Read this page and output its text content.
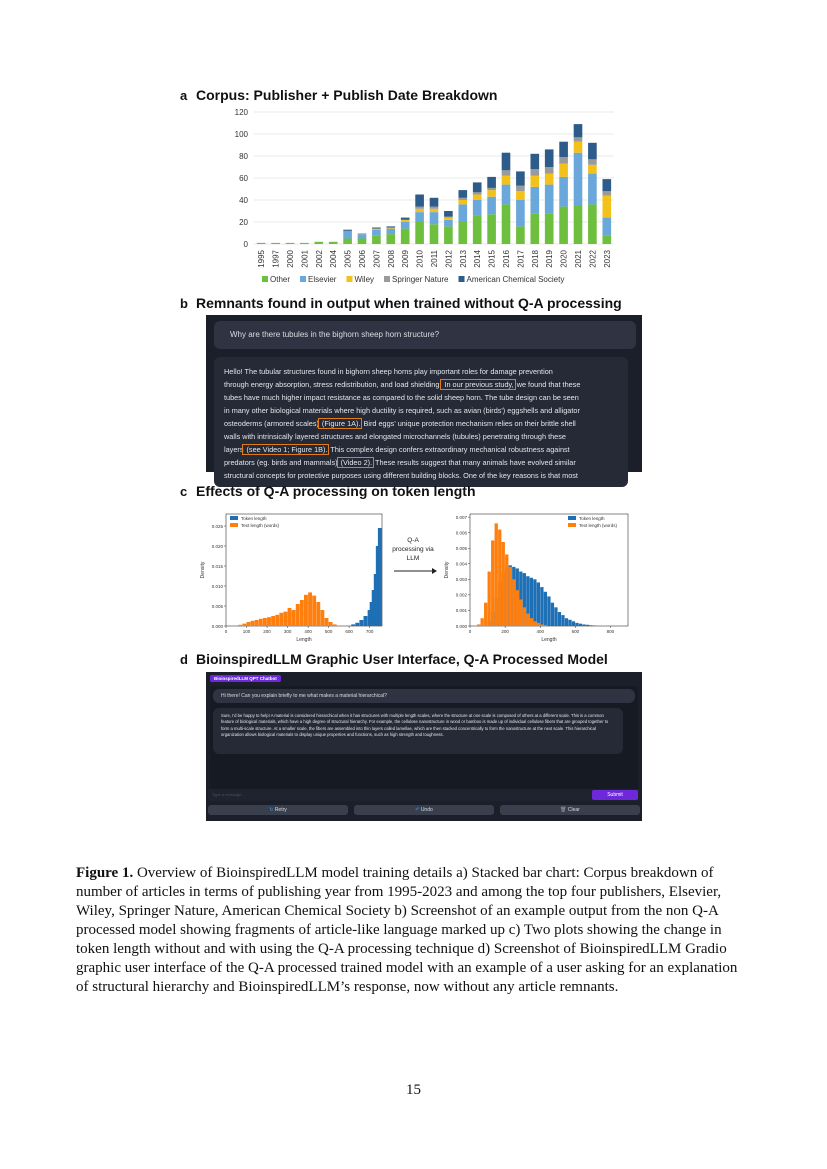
a Corpus: Publisher + Publish Date Breakdown
0
20
40
60
80
100
120
1995 1997 2000 2001 2002 2004 2005 2006 2007 2008 2009 2010 2011 2012 2013 2014 2015 2016 2017 2018 2019 2020 2021 2022 2023
Other Elsevier Wiley Springer Nature American Chemical Society
b Remnants found in output when trained without Q-A processing
Why are there tubules in the bighorn sheep horn structure?
Hello! The tubular structures found in bighorn sheep horns play important roles for damage prevention
through energy absorption, stress redistribution, and load shielding. In our previous study, we found that these
tubes have much higher impact resistance as compared to the solid sheep horn. The tube design can be seen
in many other biological materials where high ductility is required, such as avian (birds') eggshells and alligator
osteoderms (armored scales) (Figure 1A). Bird eggs' unique protection mechanism relies on their brittle shell
walls with intrinsically layered structures and elongated microchannels (tubules) penetrating through these
layers (see Video 1; Figure 1B). This complex design confers extraordinary mechanical robustness against
predators (eg. birds and mammals) (Video 2). These results suggest that many animals have evolved similar
structural concepts for protective purposes using different building blocks. One of the key reasons is that most
c Effects of Q-A processing on token length
0.000
0.005
0.010
0.015
0.020
0.025
0	100	200	300	400	500	600	700
Length
Density
Token length
Text length (words)
0.000
0.001
0.002
0.003
0.004
0.005
0.006
0.007
0	200	400	600	800
Length
Density
Token length
Text length (words)
Q-A
processing via
LLM
d BioinspiredLLM Graphic User Interface, Q-A Processed Model
BioinspiredLLM QPT Chatbot
Hi there! Can you explain briefly to me what makes a material hierarchical?
Sure, I'd be happy to help! A material is considered hierarchical when it has structures with multiple length scales, where the structure at one scale is composed of others at a different scale. This is a common feature of biological materials, which have a high degree of structural hierarchy. For example, the cellulose nanostructure in wood or bamboo is made up of individual cellulose fibers that are grouped together to form a multi-scale structure. At a smaller scale, the fibers are assembled into thin layers called lamellae, which are then stacked concentrically to form the nanostructure at the next scale. This hierarchical organization allows biological materials to display unique properties and functions, such as high strength and toughness.
Type a message...	Submit
↻ Retry	↶ Undo	🗑 Clear
Figure 1. Overview of BioinspiredLLM model training details a) Stacked bar chart: Corpus breakdown of number of articles in terms of publishing year from 1995-2023 and among the top four publishers, Elsevier, Wiley, Springer Nature, American Chemical Society b) Screenshot of an example output from the non Q-A processed model showing fragments of article-like language marked up c) Two plots showing the change in token length without and with using the Q-A processing technique d) Screenshot of BioinspiredLLM Gradio graphic user interface of the Q-A processed trained model with an example of a user asking for an explanation of structural hierarchy and BioinspiredLLM’s response, now without any article remnants.
15
